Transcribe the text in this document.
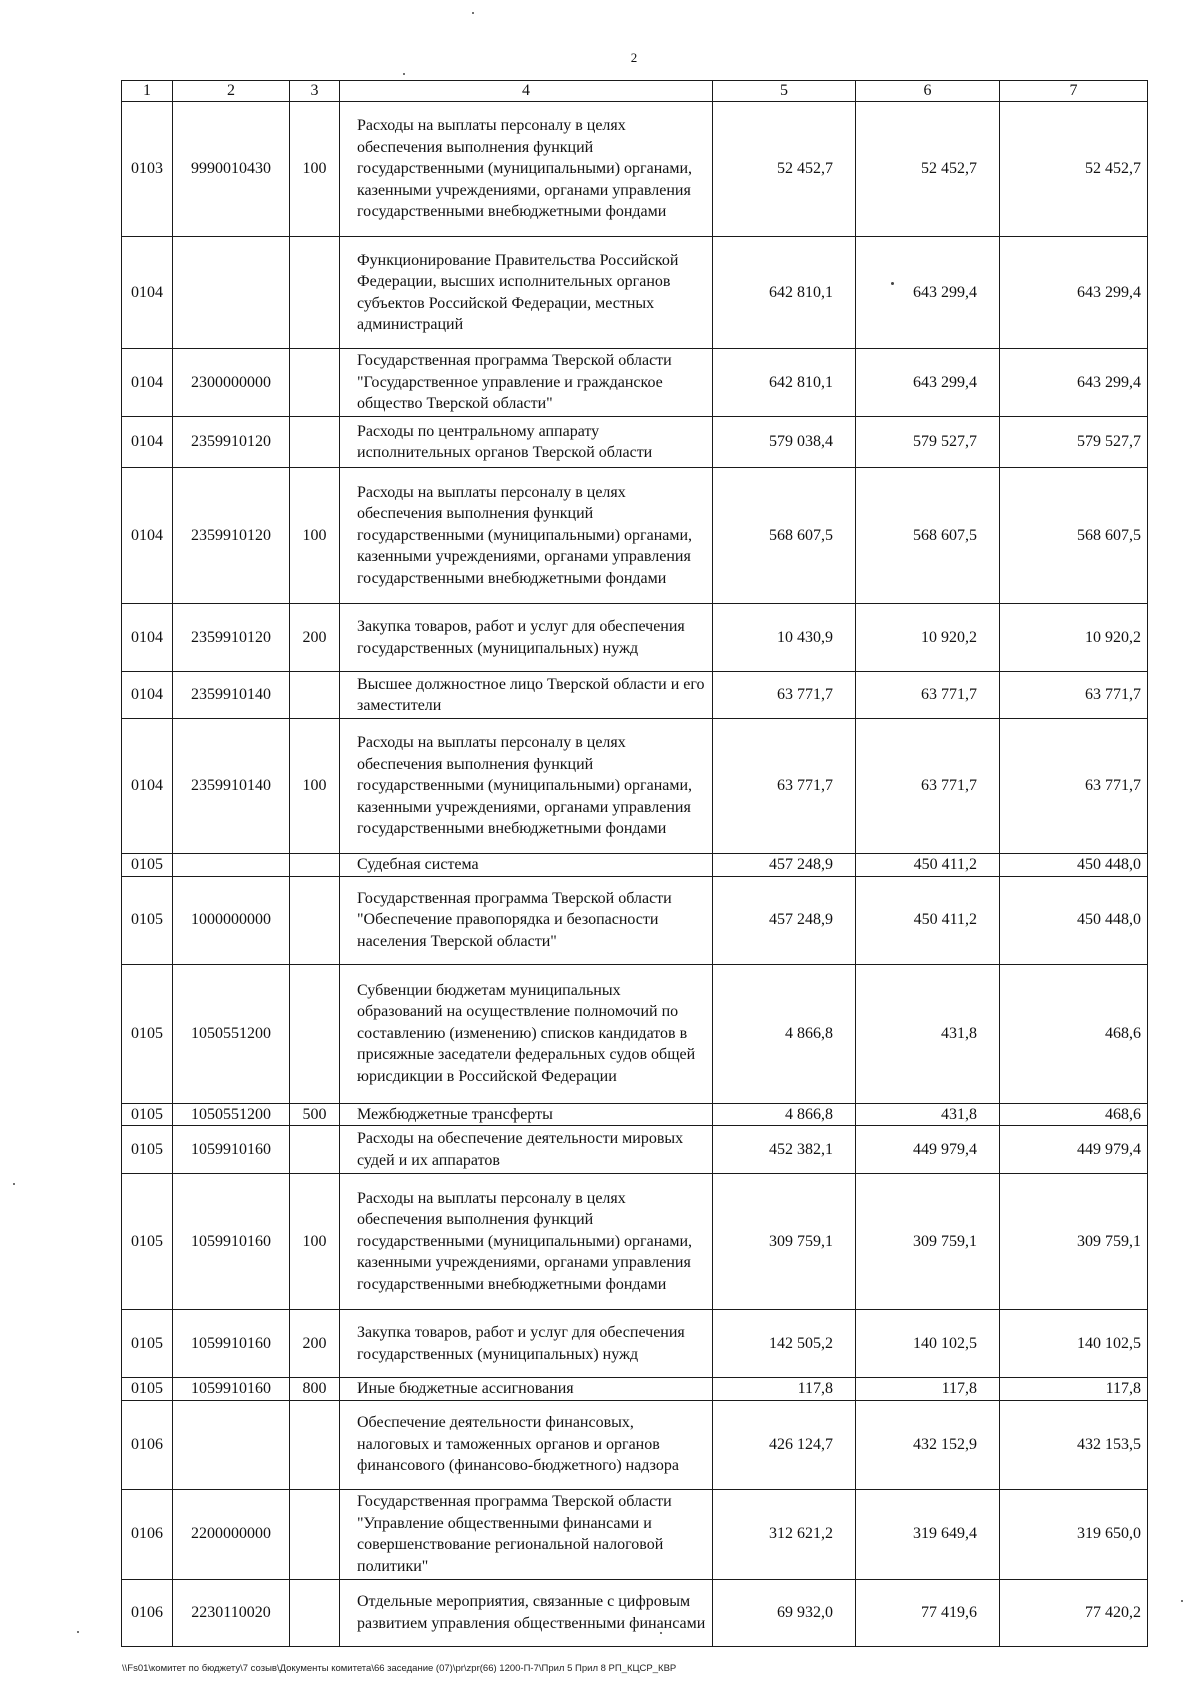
2
1	2	3	4	5	6	7
0103	9990010430	100	Расходы на выплаты персоналу в целях обеспечения выполнения функций государственными (муниципальными) органами, казенными учреждениями, органами управления государственными внебюджетными фондами	52 452,7	52 452,7	52 452,7
0104			Функционирование Правительства Российской Федерации, высших исполнительных органов субъектов Российской Федерации, местных администраций	642 810,1	643 299,4	643 299,4
0104	2300000000		Государственная программа Тверской области "Государственное управление и гражданское общество Тверской области"	642 810,1	643 299,4	643 299,4
0104	2359910120		Расходы по центральному аппарату исполнительных органов Тверской области	579 038,4	579 527,7	579 527,7
0104	2359910120	100	Расходы на выплаты персоналу в целях обеспечения выполнения функций государственными (муниципальными) органами, казенными учреждениями, органами управления государственными внебюджетными фондами	568 607,5	568 607,5	568 607,5
0104	2359910120	200	Закупка товаров, работ и услуг для обеспечения государственных (муниципальных) нужд	10 430,9	10 920,2	10 920,2
0104	2359910140		Высшее должностное лицо Тверской области и его заместители	63 771,7	63 771,7	63 771,7
0104	2359910140	100	Расходы на выплаты персоналу в целях обеспечения выполнения функций государственными (муниципальными) органами, казенными учреждениями, органами управления государственными внебюджетными фондами	63 771,7	63 771,7	63 771,7
0105			Судебная система	457 248,9	450 411,2	450 448,0
0105	1000000000		Государственная программа Тверской области "Обеспечение правопорядка и безопасности населения Тверской области"	457 248,9	450 411,2	450 448,0
0105	1050551200		Субвенции бюджетам муниципальных образований на осуществление полномочий по составлению (изменению) списков кандидатов в присяжные заседатели федеральных судов общей юрисдикции в Российской Федерации	4 866,8	431,8	468,6
0105	1050551200	500	Межбюджетные трансферты	4 866,8	431,8	468,6
0105	1059910160		Расходы на обеспечение деятельности мировых судей и их аппаратов	452 382,1	449 979,4	449 979,4
0105	1059910160	100	Расходы на выплаты персоналу в целях обеспечения выполнения функций государственными (муниципальными) органами, казенными учреждениями, органами управления государственными внебюджетными фондами	309 759,1	309 759,1	309 759,1
0105	1059910160	200	Закупка товаров, работ и услуг для обеспечения государственных (муниципальных) нужд	142 505,2	140 102,5	140 102,5
0105	1059910160	800	Иные бюджетные ассигнования	117,8	117,8	117,8
0106			Обеспечение деятельности финансовых, налоговых и таможенных органов и органов финансового (финансово-бюджетного) надзора	426 124,7	432 152,9	432 153,5
0106	2200000000		Государственная программа Тверской области "Управление общественными финансами и совершенствование региональной налоговой политики"	312 621,2	319 649,4	319 650,0
0106	2230110020		Отдельные мероприятия, связанные с цифровым развитием управления общественными финансами	69 932,0	77 419,6	77 420,2
\\Fs01\комитет по бюджету\7 созыв\Документы комитета\66 заседание (07)\pr\zpr(66) 1200-П-7\Прил 5 Прил 8 РП_КЦСР_КВР
